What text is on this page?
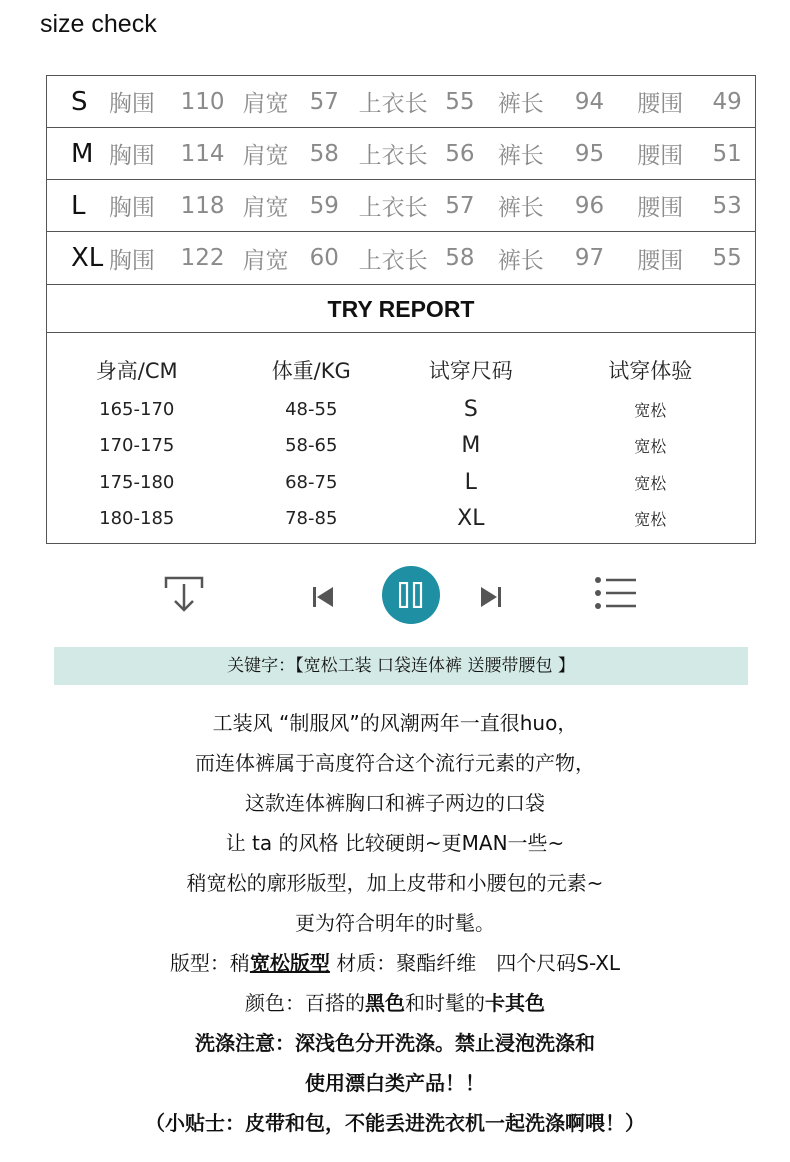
size check
S 胸围	110 肩宽 57 上衣长 55	裤长	94	腰围	49
M 胸围	114 肩宽 58 上衣长 56	裤长	95	腰围	51
L	胸围	118 肩宽 59 上衣长 57	裤长	96	腰围	53
XL 胸围	122 肩宽 60 上衣长 58	裤长	97	腰围	55
TRY REPORT
身高/CM	体重/KG	试穿尺码	试穿体验
165-170	48-55	S	宽松
170-175	58-65	M	宽松
175-180	68-75	L	宽松
180-185	78-85	XL	宽松
关键字：【宽松工装 口袋连体裤 送腰带腰包 】
工装风 “制服风”的风潮两年一直很huo，
而连体裤属于高度符合这个流行元素的产物，
这款连体裤胸口和裤子两边的口袋
让 ta 的风格 比较硬朗~更MAN一些~
稍宽松的廓形版型，加上皮带和小腰包的元素~
更为符合明年的时髦。
版型：稍宽松版型 材质：聚酯纤维　四个尺码S-XL
颜色：百搭的黑色和时髦的卡其色
洗涤注意：深浅色分开洗涤。禁止浸泡洗涤和
使用漂白类产品！！
（小贴士：皮带和包，不能丢进洗衣机一起洗涤啊喂！）
